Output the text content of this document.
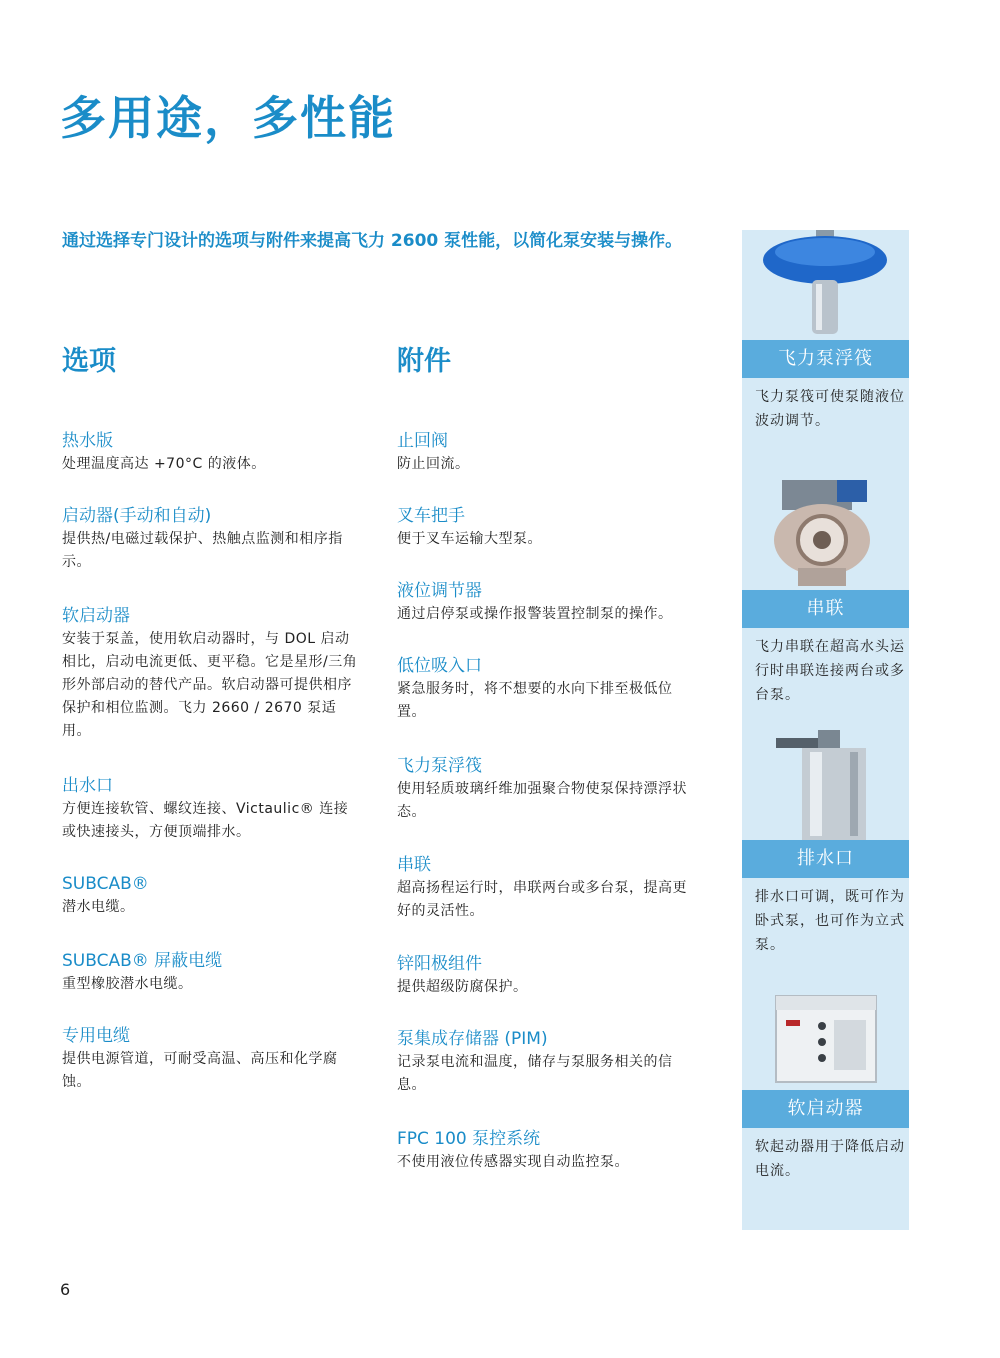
多用途，多性能

通过选择专门设计的选项与附件来提高飞力 2600 泵性能，以简化泵安装与操作。

选项

热水版

处理温度高达 +70°C 的液体。

启动器(手动和自动)

提供热/电磁过载保护、热触点监测和相序指示。

软启动器

安装于泵盖，使用软启动器时，与 DOL 启动相比，启动电流更低、更平稳。它是星形/三角形外部启动的替代产品。软启动器可提供相序保护和相位监测。飞力 2660 / 2670 泵适用。

出水口

方便连接软管、螺纹连接、Victaulic® 连接或快速接头，方便顶端排水。

SUBCAB®

潜水电缆。

SUBCAB® 屏蔽电缆

重型橡胶潜水电缆。

专用电缆

提供电源管道，可耐受高温、高压和化学腐蚀。

附件

止回阀

防止回流。

叉车把手

便于叉车运输大型泵。

液位调节器

通过启停泵或操作报警装置控制泵的操作。

低位吸入口

紧急服务时，将不想要的水向下排至极低位置。

飞力泵浮筏

使用轻质玻璃纤维加强聚合物使泵保持漂浮状态。

串联

超高扬程运行时，串联两台或多台泵，提高更好的灵活性。

锌阳极组件

提供超级防腐保护。

泵集成存储器 (PIM)

记录泵电流和温度，储存与泵服务相关的信息。

FPC 100 泵控系统

不使用液位传感器实现自动监控泵。

飞力泵浮筏

飞力泵筏可使泵随液位波动调节。

串联

飞力串联在超高水头运行时串联连接两台或多台泵。

排水口

排水口可调，既可作为卧式泵，也可作为立式泵。

软启动器

软起动器用于降低启动电流。

6
